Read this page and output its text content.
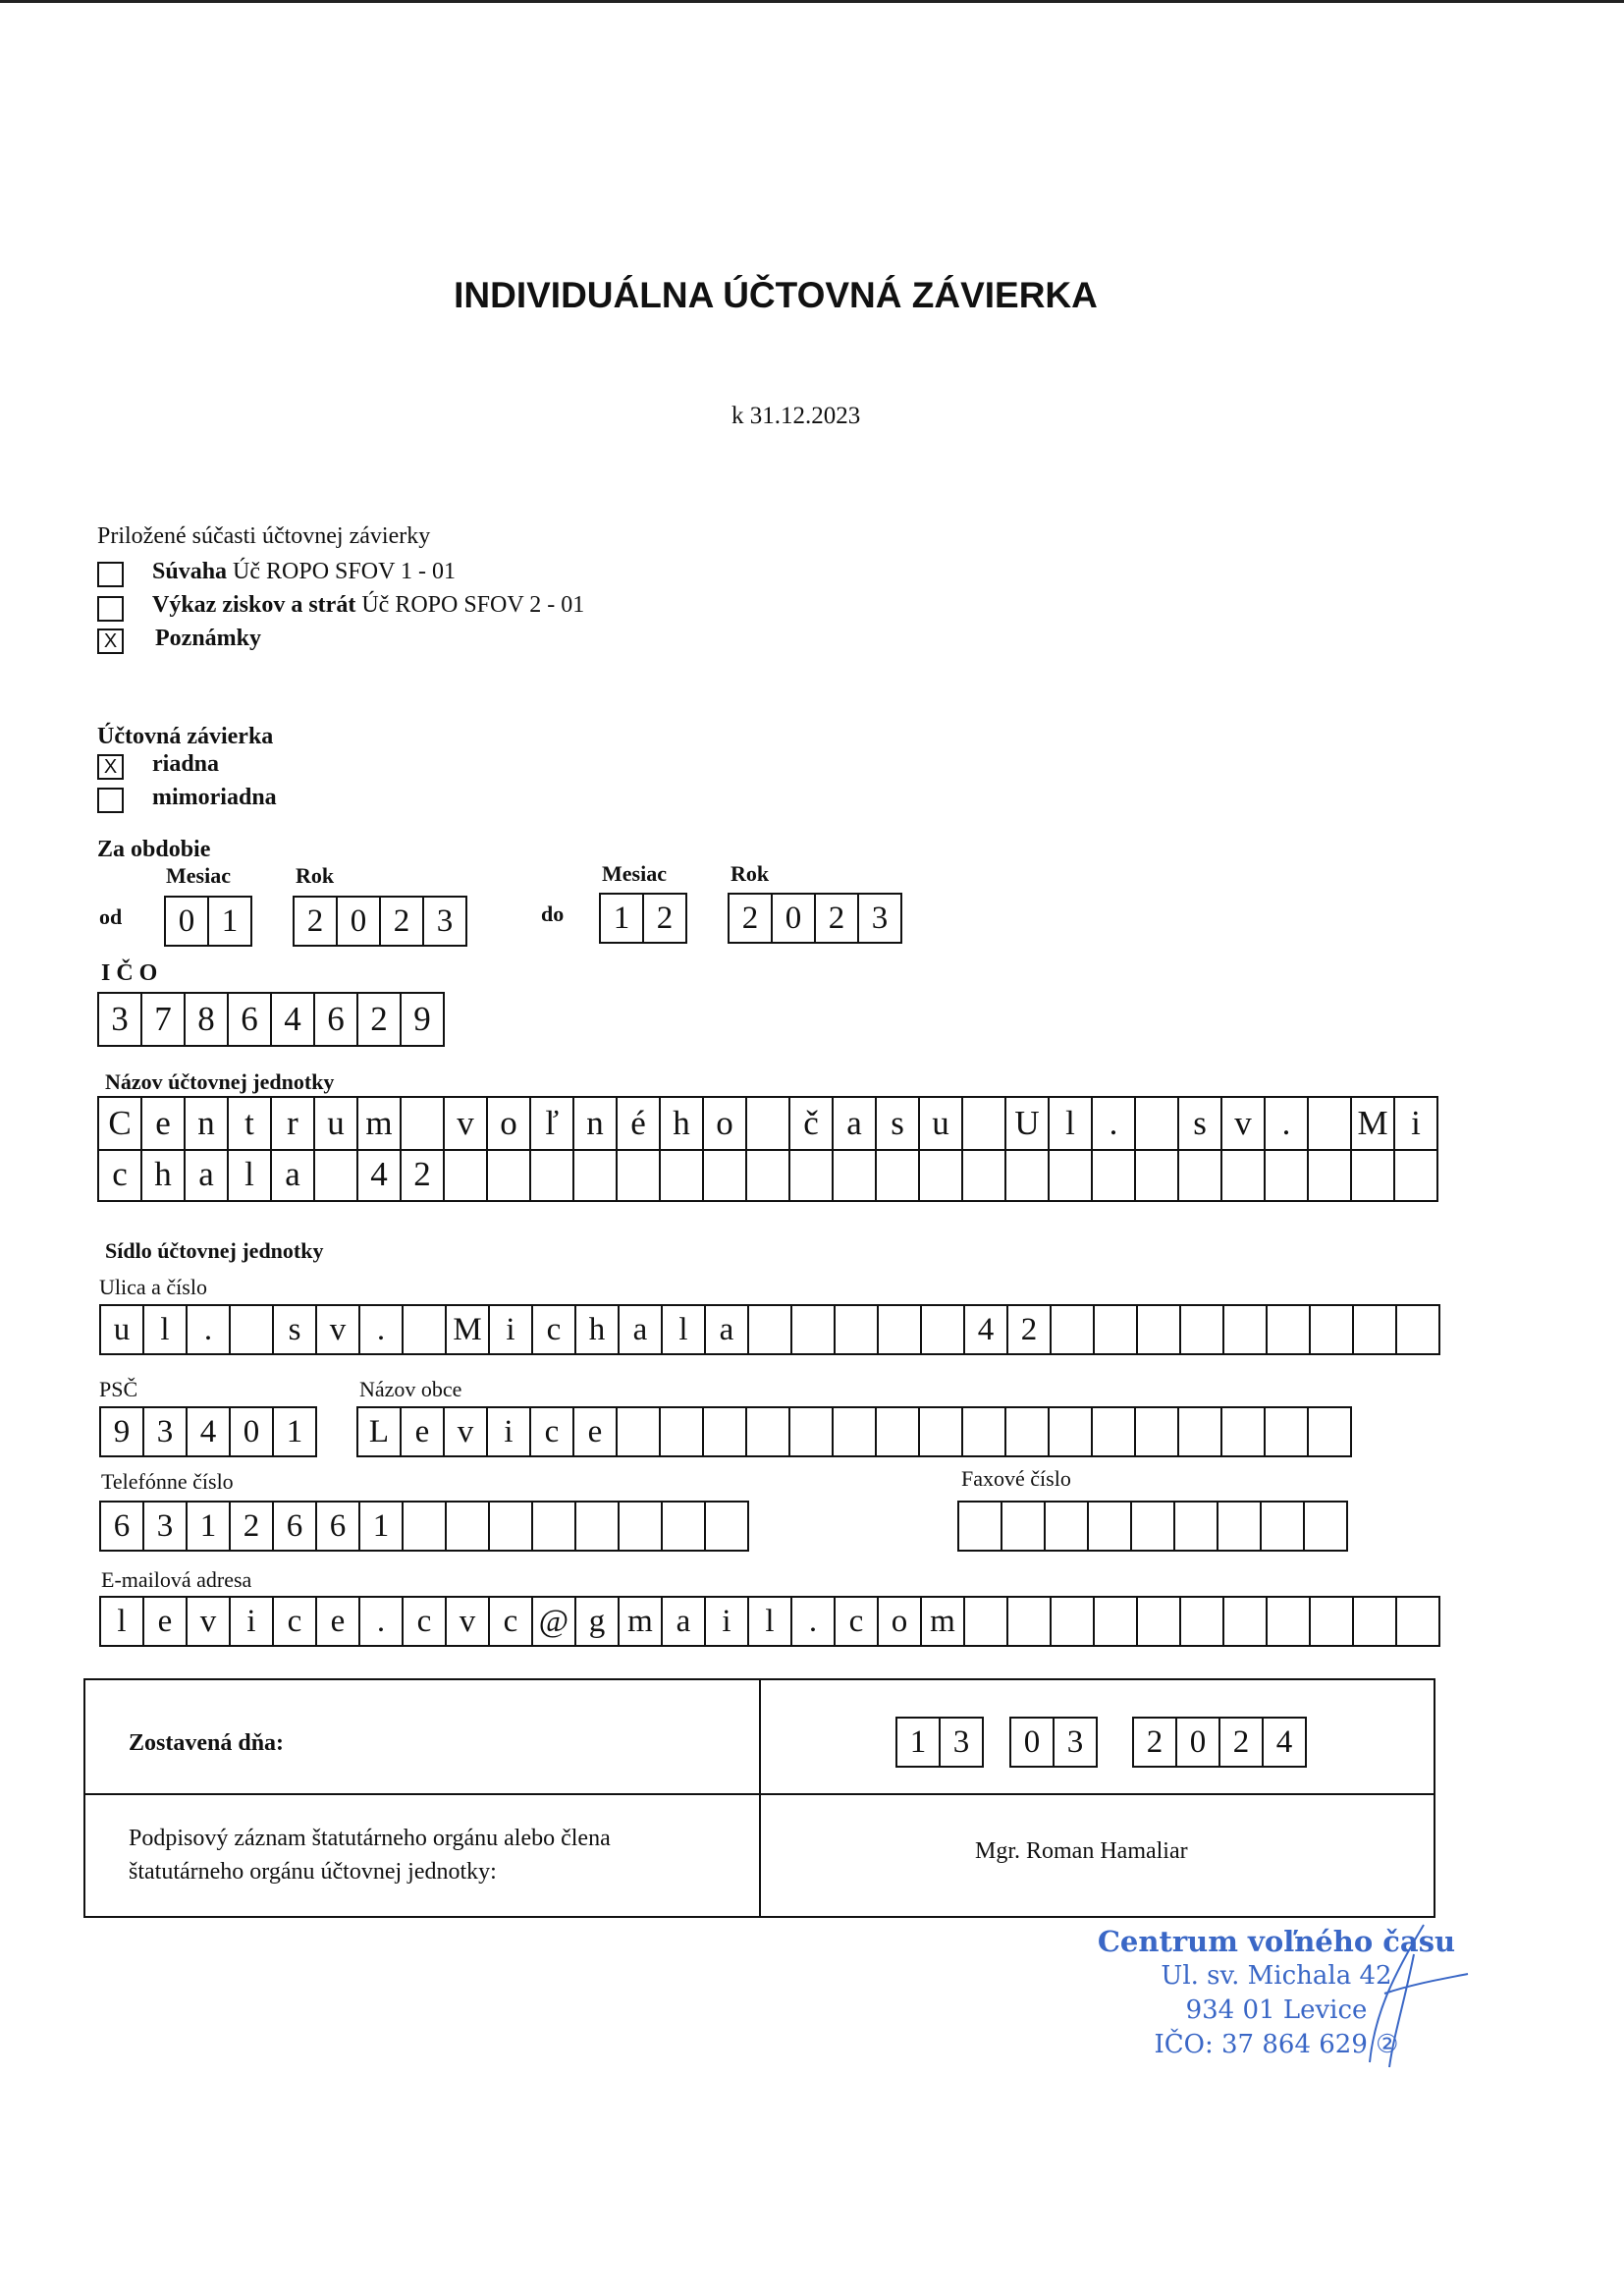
INDIVIDUÁLNA ÚČTOVNÁ ZÁVIERKA
k 31.12.2023
Priložené súčasti účtovnej závierky
Súvaha Úč ROPO SFOV 1 - 01
Výkaz ziskov a strát Úč ROPO SFOV 2 - 01
X Poznámky
Účtovná závierka
X riadna
mimoriadna
Za obdobie
Mesiac	Rok	Mesiac	Rok
od	0 1	2 0 2 3	do	1 2	2 0 2 3
I Č O
3 7 8 6 4 6 2 9
Názov účtovnej jednotky
C e n t r u m	v o ľ n é h o	č a s u	U l .	s v .	M i
c h a l a	4 2
Sídlo účtovnej jednotky
Ulica a číslo
u l	.	s v .	M i c h a l a	4 2
PSČ	Názov obce
9 3 4 0 1	L e v i c e
Telefónne číslo	Faxové číslo
6 3 1 2 6 6 1
E-mailová adresa
l e v i c e . c v c @ g m a i	l	. c o m
Zostavená dňa:	1 3	0 3	2 0 2 4
Podpisový záznam štatutárneho orgánu alebo člena
štatutárneho orgánu účtovnej jednotky:
Mgr. Roman Hamaliar
Centrum voľného času
Ul. sv. Michala 42
934 01 Levice
IČO: 37 864 629 ②
